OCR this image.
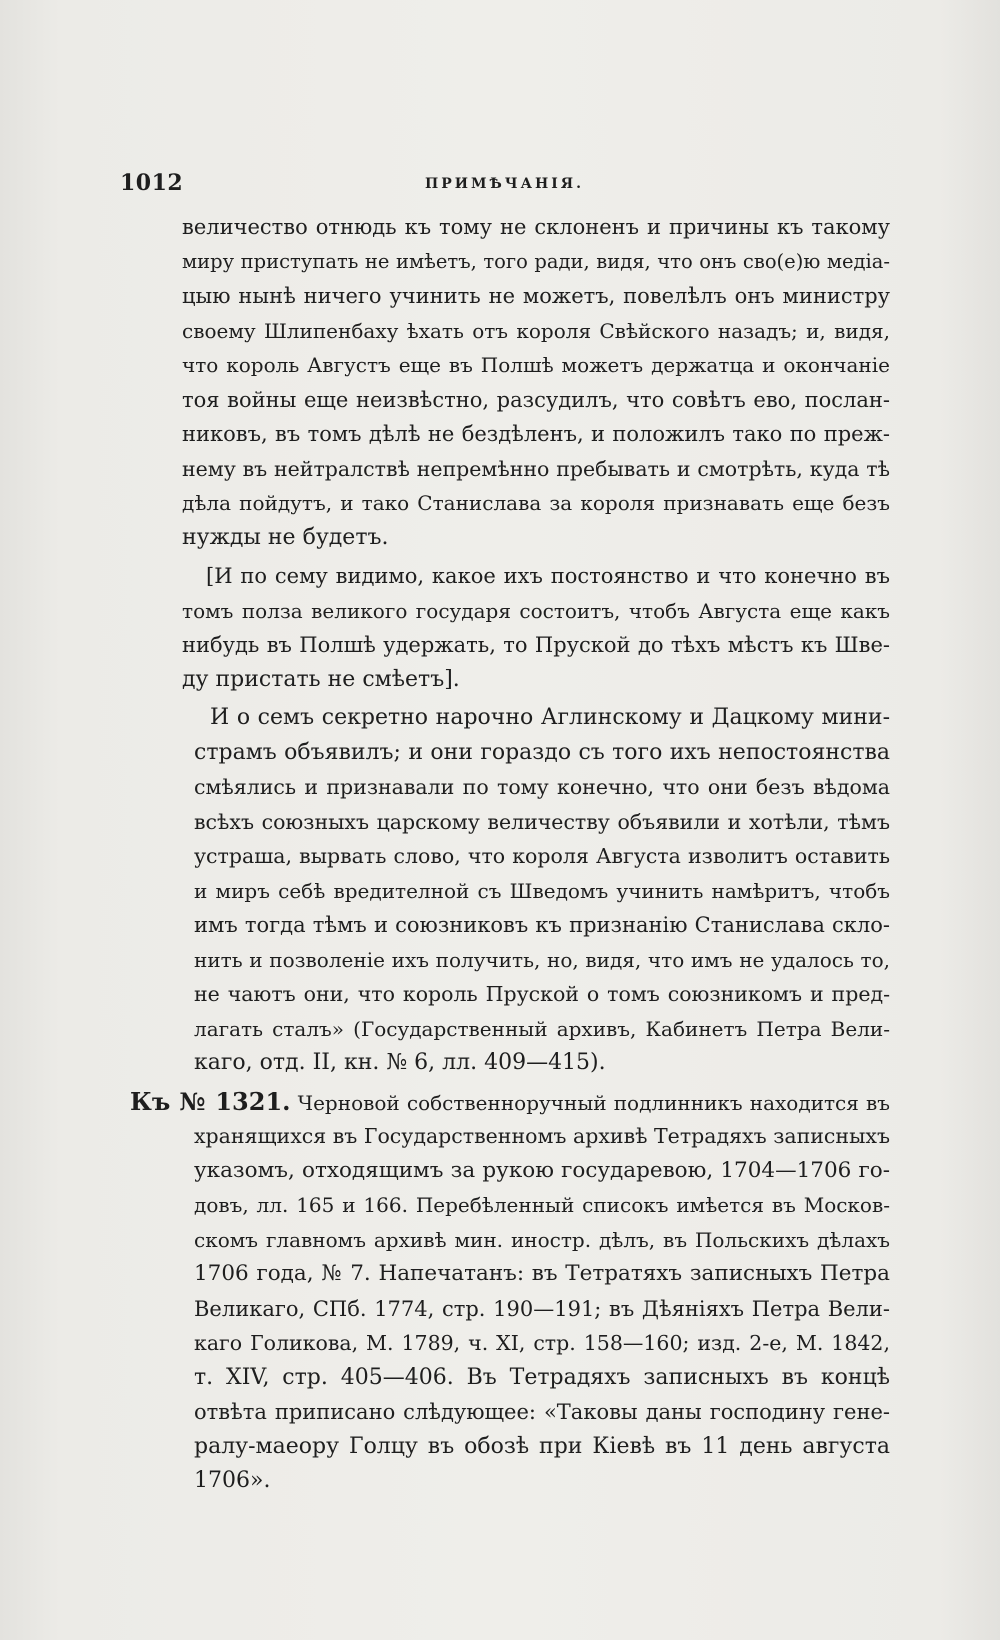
1012	ПРИМѢЧАНІЯ.
величество отнюдь къ тому не склоненъ и причины къ такому
миру приступать не имѣетъ, того ради, видя, что онъ сво(е)ю медіа-
цыю нынѣ ничего учинить не можетъ, повелѣлъ онъ министру
своему Шлипенбаху ѣхать отъ короля Свѣйского назадъ; и, видя,
что король Августъ еще въ Полшѣ можетъ держатца и окончаніе
тоя войны еще неизвѣстно, разсудилъ, что совѣтъ ево, послан-
никовъ, въ томъ дѣлѣ не бездѣленъ, и положилъ тако по преж-
нему въ нейтралствѣ непремѣнно пребывать и смотрѣть, куда тѣ
дѣла пойдутъ, и тако Станислава за короля признавать еще безъ
нужды не будетъ.
[И по сему видимо, какое ихъ постоянство и что конечно въ
томъ полза великого государя состоитъ, чтобъ Августа еще какъ
нибудь въ Полшѣ удержать, то Пруской до тѣхъ мѣстъ къ Шве-
ду пристать не смѣетъ].
И о семъ секретно нарочно Аглинскому и Дацкому мини-
страмъ объявилъ; и они гораздо съ того ихъ непостоянства
смѣялись и признавали по тому конечно, что они безъ вѣдома
всѣхъ союзныхъ царскому величеству объявили и хотѣли, тѣмъ
устраша, вырвать слово, что короля Августа изволитъ оставить
и миръ себѣ вредителной съ Шведомъ учинить намѣритъ, чтобъ
имъ тогда тѣмъ и союзниковъ къ признанію Станислава скло-
нить и позволеніе ихъ получить, но, видя, что имъ не удалось то,
не чаютъ они, что король Пруской о томъ союзникомъ и пред-
лагать сталъ» (Государственный архивъ, Кабинетъ Петра Вели-
каго, отд. II, кн. № 6, лл. 409—415).
Къ № 1321. Черновой собственноручный подлинникъ находится въ
хранящихся въ Государственномъ архивѣ Тетрадяхъ записныхъ
указомъ, отходящимъ за рукою государевою, 1704—1706 го-
довъ, лл. 165 и 166. Перебѣленный списокъ имѣется въ Москов-
скомъ главномъ архивѣ мин. иностр. дѣлъ, въ Польскихъ дѣлахъ
1706 года, № 7. Напечатанъ: въ Тетратяхъ записныхъ Петра
Великаго, СПб. 1774, стр. 190—191; въ Дѣяніяхъ Петра Вели-
каго Голикова, М. 1789, ч. XI, стр. 158—160; изд. 2-е, М. 1842,
т. XIV, стр. 405—406. Въ Тетрадяхъ записныхъ въ концѣ
отвѣта приписано слѣдующее: «Таковы даны господину гене-
ралу-маеору Голцу въ обозѣ при Кіевѣ въ 11 день августа
1706».
